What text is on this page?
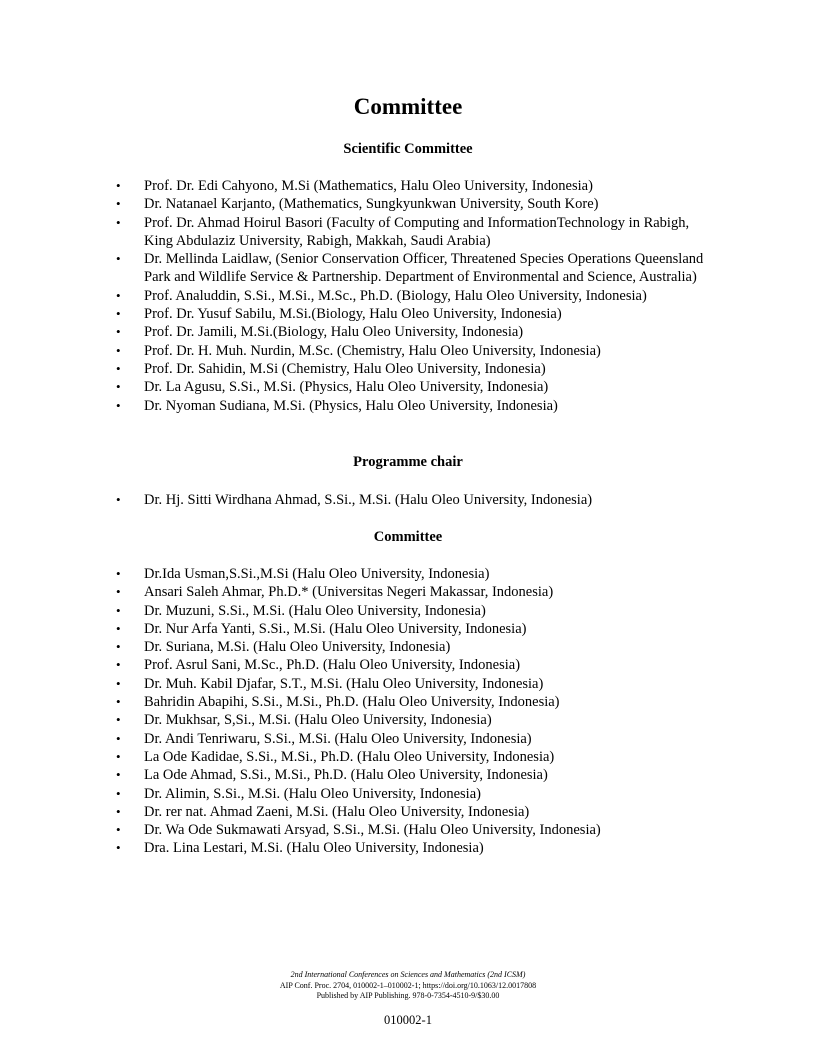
Committee
Scientific Committee
• Prof. Dr. Edi Cahyono, M.Si (Mathematics, Halu Oleo University, Indonesia)
• Dr. Natanael Karjanto, (Mathematics, Sungkyunkwan University, South Kore)
• Prof. Dr. Ahmad Hoirul Basori (Faculty of Computing and InformationTechnology in Rabigh, King Abdulaziz University, Rabigh, Makkah, Saudi Arabia)
• Dr. Mellinda Laidlaw, (Senior Conservation Officer, Threatened Species Operations Queensland Park and Wildlife Service & Partnership. Department of Environmental and Science, Australia)
• Prof. Analuddin, S.Si., M.Si., M.Sc., Ph.D. (Biology, Halu Oleo University, Indonesia)
• Prof. Dr. Yusuf Sabilu, M.Si.(Biology, Halu Oleo University, Indonesia)
• Prof. Dr. Jamili, M.Si.(Biology, Halu Oleo University, Indonesia)
• Prof. Dr. H. Muh. Nurdin, M.Sc. (Chemistry, Halu Oleo University, Indonesia)
• Prof. Dr. Sahidin, M.Si (Chemistry, Halu Oleo University, Indonesia)
• Dr. La Agusu, S.Si., M.Si. (Physics, Halu Oleo University, Indonesia)
• Dr. Nyoman Sudiana, M.Si. (Physics, Halu Oleo University, Indonesia)
Programme chair
• Dr. Hj. Sitti Wirdhana Ahmad, S.Si., M.Si. (Halu Oleo University, Indonesia)
Committee
• Dr.Ida Usman,S.Si.,M.Si (Halu Oleo University, Indonesia)
• Ansari Saleh Ahmar, Ph.D.* (Universitas Negeri Makassar, Indonesia)
• Dr. Muzuni, S.Si., M.Si. (Halu Oleo University, Indonesia)
• Dr. Nur Arfa Yanti, S.Si., M.Si. (Halu Oleo University, Indonesia)
• Dr. Suriana, M.Si. (Halu Oleo University, Indonesia)
• Prof. Asrul Sani, M.Sc., Ph.D. (Halu Oleo University, Indonesia)
• Dr. Muh. Kabil Djafar, S.T., M.Si. (Halu Oleo University, Indonesia)
• Bahridin Abapihi, S.Si., M.Si., Ph.D. (Halu Oleo University, Indonesia)
• Dr. Mukhsar, S,Si., M.Si. (Halu Oleo University, Indonesia)
• Dr. Andi Tenriwaru, S.Si., M.Si. (Halu Oleo University, Indonesia)
• La Ode Kadidae, S.Si., M.Si., Ph.D. (Halu Oleo University, Indonesia)
• La Ode Ahmad, S.Si., M.Si., Ph.D. (Halu Oleo University, Indonesia)
• Dr. Alimin, S.Si., M.Si. (Halu Oleo University, Indonesia)
• Dr. rer nat. Ahmad Zaeni, M.Si. (Halu Oleo University, Indonesia)
• Dr. Wa Ode Sukmawati Arsyad, S.Si., M.Si. (Halu Oleo University, Indonesia)
• Dra. Lina Lestari, M.Si. (Halu Oleo University, Indonesia)
2nd International Conferences on Sciences and Mathematics (2nd ICSM)
AIP Conf. Proc. 2704, 010002-1–010002-1; https://doi.org/10.1063/12.0017808
Published by AIP Publishing. 978-0-7354-4510-9/$30.00
010002-1
